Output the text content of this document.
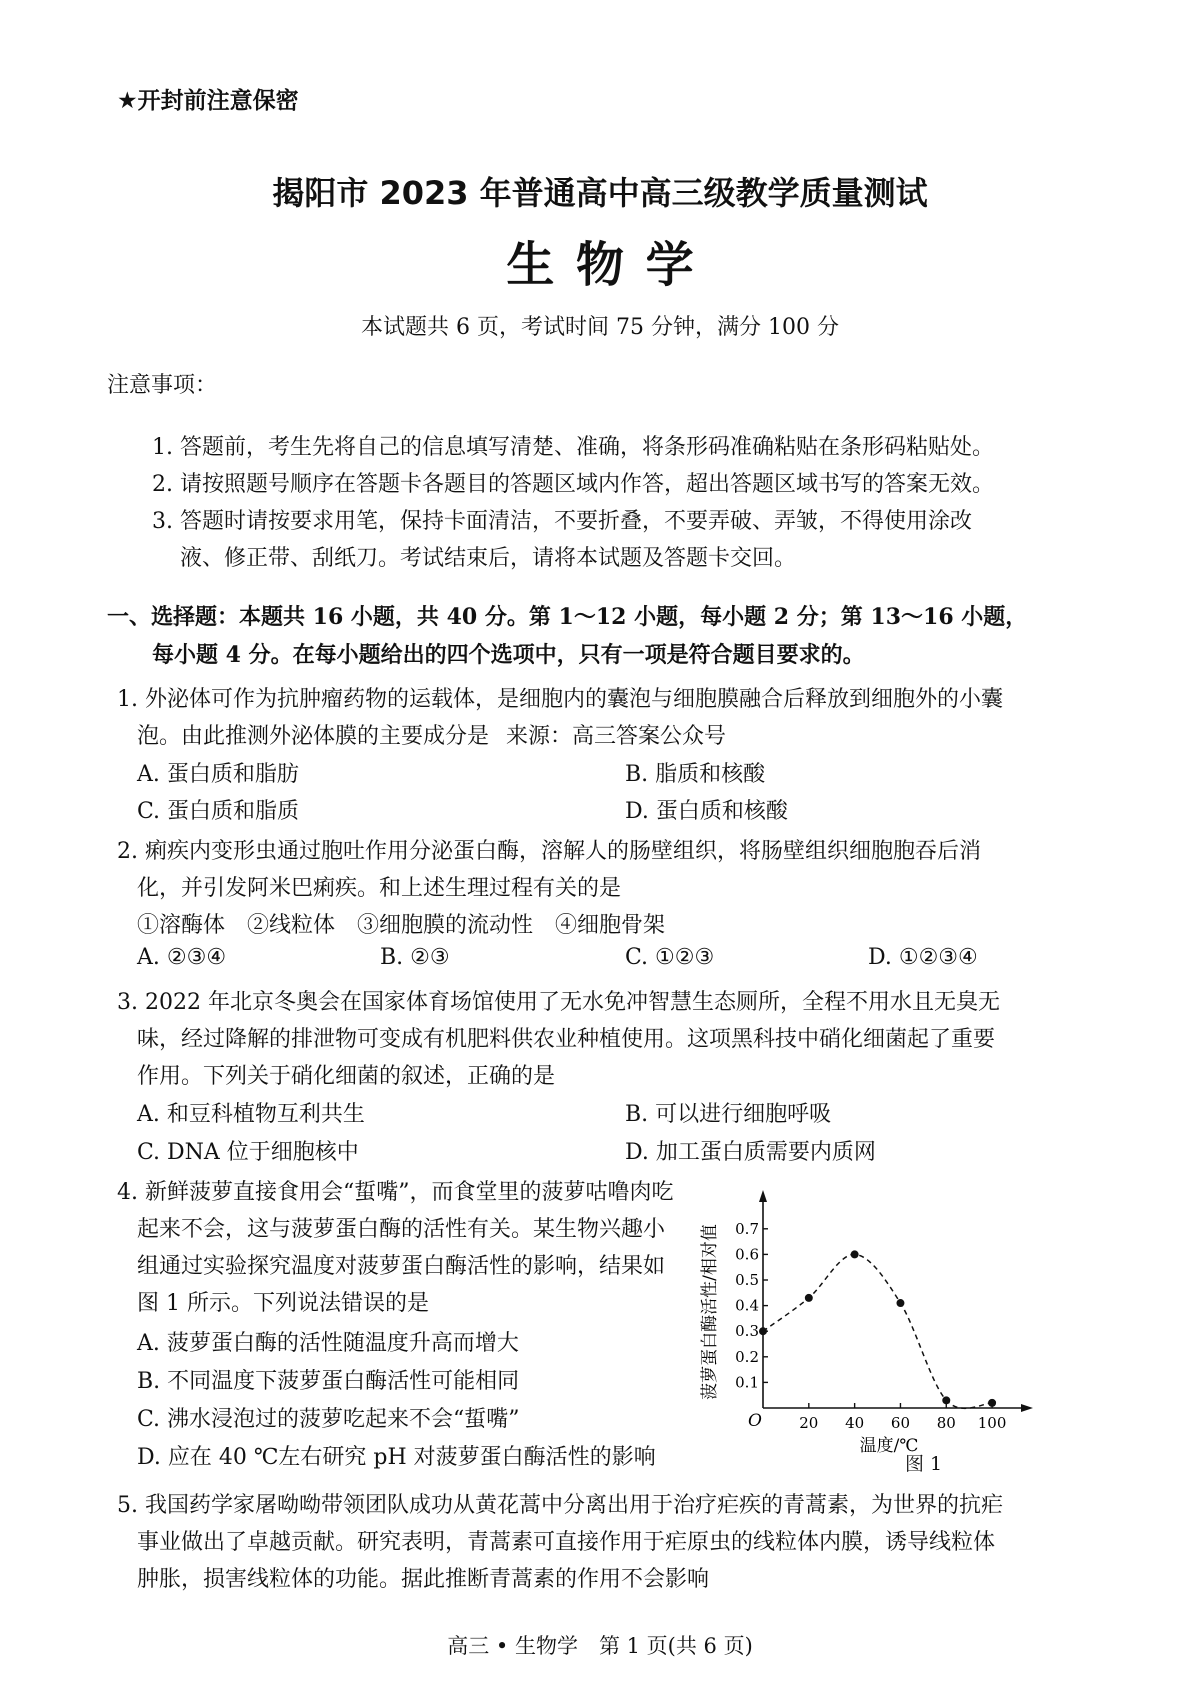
★开封前注意保密
揭阳市 2023 年普通高中高三级教学质量测试
生物学
本试题共 6 页，考试时间 75 分钟，满分 100 分
注意事项：
1. 答题前，考生先将自己的信息填写清楚、准确，将条形码准确粘贴在条形码粘贴处。
2. 请按照题号顺序在答题卡各题目的答题区域内作答，超出答题区域书写的答案无效。
3. 答题时请按要求用笔，保持卡面清洁，不要折叠，不要弄破、弄皱，不得使用涂改
液、修正带、刮纸刀。考试结束后，请将本试题及答题卡交回。
一、选择题：本题共 16 小题，共 40 分。第 1～12 小题，每小题 2 分；第 13～16 小题，
每小题 4 分。在每小题给出的四个选项中，只有一项是符合题目要求的。
1. 外泌体可作为抗肿瘤药物的运载体，是细胞内的囊泡与细胞膜融合后释放到细胞外的小囊
泡。由此推测外泌体膜的主要成分是 来源：高三答案公众号
A. 蛋白质和脂肪	B. 脂质和核酸
C. 蛋白质和脂质	D. 蛋白质和核酸
2. 痢疾内变形虫通过胞吐作用分泌蛋白酶，溶解人的肠壁组织，将肠壁组织细胞胞吞后消
化，并引发阿米巴痢疾。和上述生理过程有关的是
①溶酶体　②线粒体　③细胞膜的流动性　④细胞骨架
A. ②③④	B. ②③	C. ①②③	D. ①②③④
3. 2022 年北京冬奥会在国家体育场馆使用了无水免冲智慧生态厕所，全程不用水且无臭无
味，经过降解的排泄物可变成有机肥料供农业种植使用。这项黑科技中硝化细菌起了重要
作用。下列关于硝化细菌的叙述，正确的是
A. 和豆科植物互利共生	B. 可以进行细胞呼吸
C. DNA 位于细胞核中	D. 加工蛋白质需要内质网
4. 新鲜菠萝直接食用会“蜇嘴”，而食堂里的菠萝咕噜肉吃
起来不会，这与菠萝蛋白酶的活性有关。某生物兴趣小
组通过实验探究温度对菠萝蛋白酶活性的影响，结果如
图 1 所示。下列说法错误的是
A. 菠萝蛋白酶的活性随温度升高而增大
B. 不同温度下菠萝蛋白酶活性可能相同
C. 沸水浸泡过的菠萝吃起来不会“蜇嘴”
D. 应在 40 ℃左右研究 pH 对菠萝蛋白酶活性的影响
菠萝蛋白酶活性/相对值
温度/℃
O
0.1
0.2
0.3
0.4
0.5
0.6
0.7
20 40 60 80 100
图 1
5. 我国药学家屠呦呦带领团队成功从黄花蒿中分离出用于治疗疟疾的青蒿素，为世界的抗疟
事业做出了卓越贡献。研究表明，青蒿素可直接作用于疟原虫的线粒体内膜，诱导线粒体
肿胀，损害线粒体的功能。据此推断青蒿素的作用不会影响
高三 • 生物学　第 1 页(共 6 页)
